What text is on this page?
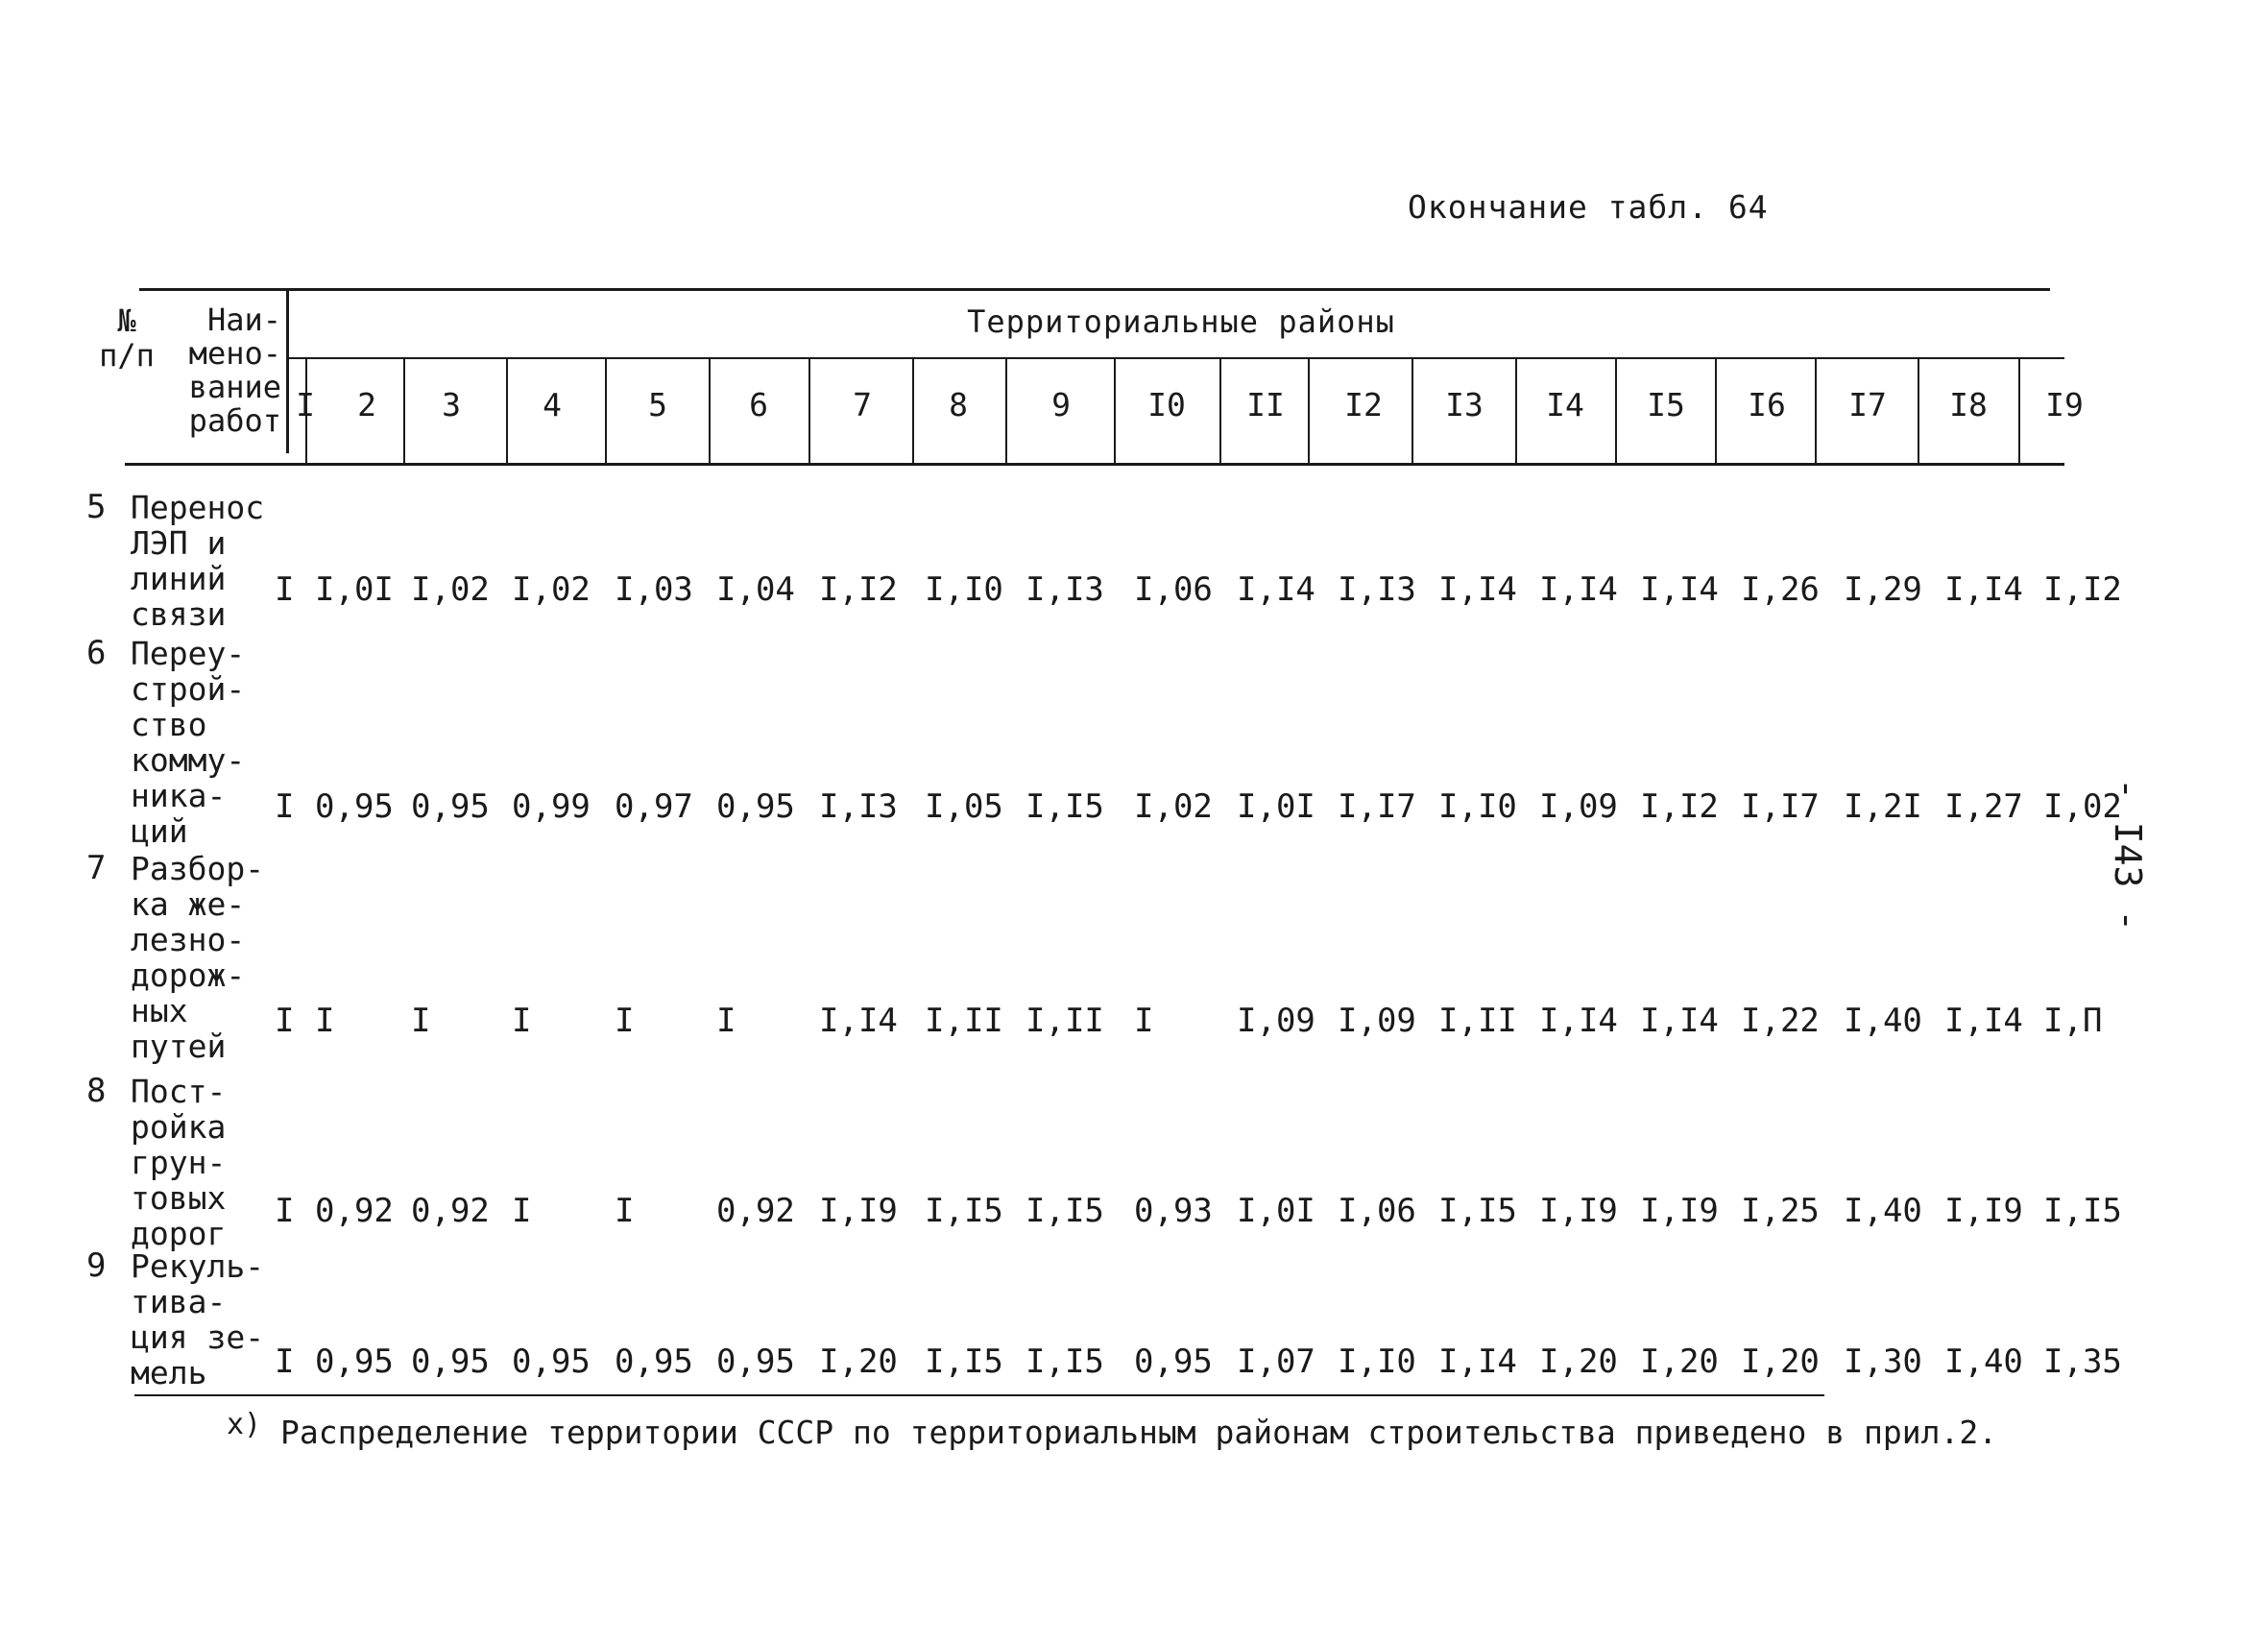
Окончание табл. 64
- I43 -
№
п/п
Наи-
мено-
вание
работ
Территориальные районы
I 2 3	4	5	6	7 8	9 I0 II I2 I3 I4 I5 I6 I7 I8 I9
5 Перенос
ЛЭП и
линий
связи
I I,0I I,02 I,02 I,03 I,04 I,I2 I,I0 I,I3 I,06 I,I4 I,I3 I,I4 I,I4 I,I4 I,26 I,29 I,I4 I,I2
6 Переу-
строй-
ство
комму-
никa-
ций
I 0,95 0,95 0,99 0,97 0,95 I,I3 I,05 I,I5 I,02 I,0I I,I7 I,I0 I,09 I,I2 I,I7 I,2I I,27 I,02
7 Разбор-
ка же-
лезно-
дорож-
ных
путей
I I I I	I	I	I,I4 I,II I,II I	I,09 I,09 I,II I,I4 I,I4 I,22 I,40 I,I4 I,П
8 Пост-
ройка
грун-
товых
дорог
I 0,92 0,92 I	I	0,92 I,I9 I,I5 I,I5 0,93 I,0I I,06 I,I5 I,I9 I,I9 I,25 I,40 I,I9 I,I5
9 Рекуль-
тива-
ция зе-
мель	I 0,95 0,95 0,95 0,95 0,95 I,20 I,I5 I,I5 0,95 I,07 I,I0 I,I4 I,20 I,20 I,20 I,30 I,40 I,35
$^{x)}$ Распределение территории СССР по территориальным районам строительства приведено в прил.2.
